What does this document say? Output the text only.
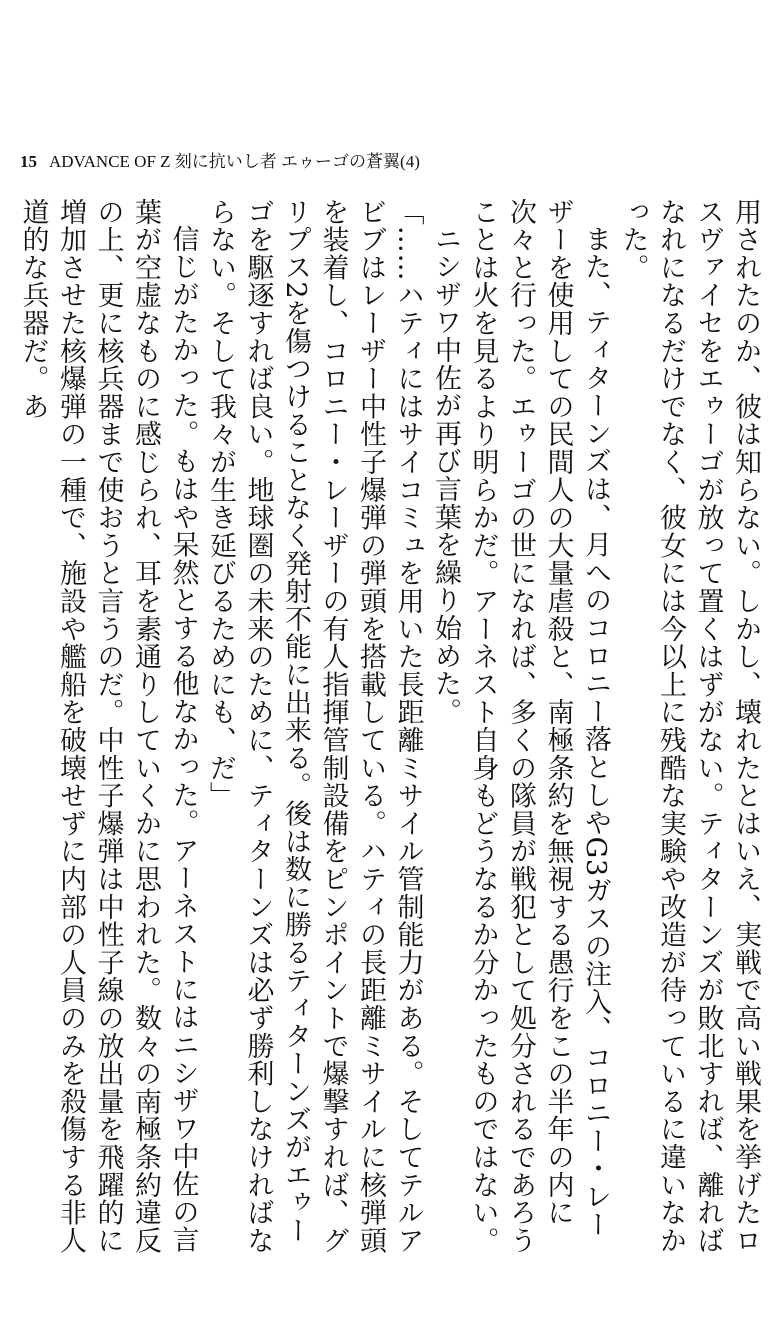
15 ADVANCE OF Z 刻に抗いし者 エゥーゴの蒼翼(4)

用されたのか、彼は知らない。しかし、壊れたとはいえ、実戦で高い戦果を挙げたロスヴァイセをエゥーゴが放って置くはずがない。ティターンズが敗北すれば、離ればなれになるだけでなく、彼女には今以上に残酷な実験や改造が待っているに違いなかった。

また、ティターンズは、月へのコロニー落としやG3ガスの注入、コロニー・レーザーを使用しての民間人の大量虐殺と、南極条約を無視する愚行をこの半年の内に次々と行った。エゥーゴの世になれば、多くの隊員が戦犯として処分されるであろうことは火を見るより明らかだ。アーネスト自身もどうなるか分かったものではない。

ニシザワ中佐が再び言葉を繰り始めた。

「……ハティにはサイコミュを用いた長距離ミサイル管制能力がある。そしてテルアビブはレーザー中性子爆弾の弾頭を搭載している。ハティの長距離ミサイルに核弾頭を装着し、コロニー・レーザーの有人指揮管制設備をピンポイントで爆撃すれば、グリプス2を傷つけることなく発射不能に出来る。後は数に勝るティターンズがエゥーゴを駆逐すれば良い。地球圏の未来のために、ティターンズは必ず勝利しなければならない。そして我々が生き延びるためにも、だ」

信じがたかった。もはや呆然とする他なかった。アーネストにはニシザワ中佐の言葉が空虚なものに感じられ、耳を素通りしていくかに思われた。数々の南極条約違反の上、更に核兵器まで使おうと言うのだ。中性子爆弾は中性子線の放出量を飛躍的に増加させた核爆弾の一種で、施設や艦船を破壊せずに内部の人員のみを殺傷する非人道的な兵器だ。あ
